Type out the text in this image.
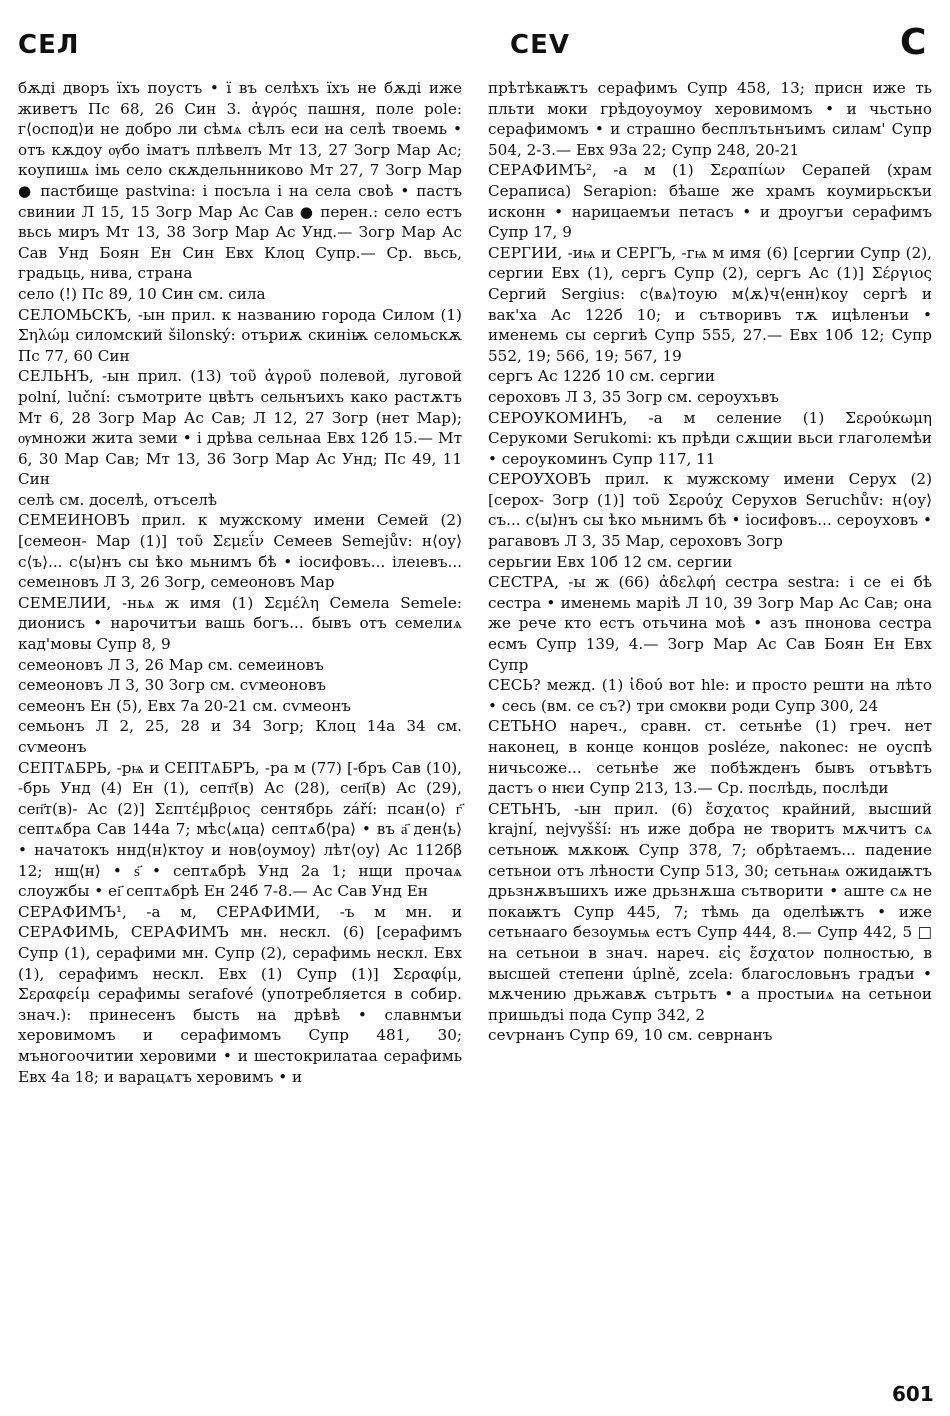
СЕЛ	СЕV	С

бѫдi дворъ їхъ поустъ • ї въ селѣхъ їхъ не бѫдi иже живетъ Пс 68, 26 Син 3. ἀγρός пашня, поле pole: г⟨оспод⟩и не добро ли сѣмѧ сѣлъ еси на селѣ твоемь • отъ кѫдоу ѹбо iматъ плѣвелъ Мт 13, 27 Зогр Мар Ас; коупишѧ iмь село скѫдельнниково Мт 27, 7 Зогр Мар ● пастбище pastvina: i посъла i на села своѣ • пастъ свинии Л 15, 15 Зогр Мар Ас Сав ● перен.: село естъ вьсь миръ Мт 13, 38 Зогр Мар Ас Унд.— Зогр Мар Ас Сав Унд Боян Ен Син Евх Клоц Супр.— Ср. вьсь, градьць, нива, страна

село (!) Пс 89, 10 Син см. сила

СЕЛОМЬСКЪ, -ын прил. к названию города Силом (1) Σηλώμ силомский šilonský: отъриѫ скинiѭ селомьскѫ Пс 77, 60 Син

СЕЛЬНЪ, -ын прил. (13) τοῦ ἀγροῦ полевой, луговой polní, luční: съмотрите цвѣтъ сельнъихъ како растѫтъ Мт 6, 28 Зогр Мар Ас Сав; Л 12, 27 Зогр (нет Мар); ѹмножи жита земи • i дрѣва сельнаа Евх 12б 15.— Мт 6, 30 Мар Сав; Мт 13, 36 Зогр Мар Ас Унд; Пс 49, 11 Син

селѣ см. доселѣ, отъселѣ

СЕМЕИНОВЪ прил. к мужскому имени Семей (2) [семеон- Мар (1)] τοῦ Σεμεΐν Семеев Semejův: н⟨оу⟩с⟨ъ⟩... с⟨ы⟩нъ сы ѣко мьнимъ бѣ • iосифовъ... iлеıевъ... семеıновъ Л 3, 26 Зогр, семеоновъ Мар

СЕМЕЛИИ, -ньѧ ж имя (1) Σεμέλη Семела Semele: дионисъ • нарочитъи вашь богъ... бывъ отъ семелиѧ кад'мовы Супр 8, 9

семеоновъ Л 3, 26 Мар см. семеиновъ

семеоновъ Л 3, 30 Зогр см. сѵмеоновъ

семеонъ Ен (5), Евх 7а 20-21 см. сѵмеонъ

семьонъ Л 2, 25, 28 и 34 Зогр; Клоц 14а 34 см. сѵмеонъ

СЕПТѦБРЬ, -рѩ и СЕПТѦБРЪ, -ра м (77) [-бръ Сав (10), -брь Унд (4) Ен (1), септ҃(в) Ас (28), сеп҃(в) Ас (29), сеп҃т(в)- Ас (2)] Σεπτέμβριος сентябрь září: псан⟨о⟩ г҃ септѧбра Сав 144а 7; мѣс⟨ѧца⟩ септѧб⟨ра⟩ • въ а҃ ден⟨ь⟩ • начатокъ ннд⟨н⟩ктоу и нов⟨оумоу⟩ лѣт⟨оу⟩ Ас 112бβ 12; нщ⟨н⟩ • ѕ҃ • септѧбрѣ Унд 2а 1; нщи прочаѧ слоужбы • еі҃ септѧбрѣ Ен 24б 7-8.— Ас Сав Унд Ен

СЕРАФИМЪ¹, -а м, СЕРАФИМИ, -ъ м мн. и СЕРАФИМЬ, СЕРАФИМЪ мн. нескл. (6) [серафимъ Супр (1), серафими мн. Супр (2), серафимь нескл. Евх (1), серафимъ нескл. Евх (1) Супр (1)] Σεραφίμ, Σεραφείμ серафимы serafové (употребляется в собир. знач.): принесенъ бысть на дрѣвѣ • славнмъи херовимомъ и серафимомъ Супр 481, 30; мъногоочитии херовими • и шестокрилатаа серафимь Евх 4а 18; и варацѧтъ херовимъ • и

прѣтѣкаѭтъ серафимъ Супр 458, 13; присн иже ть пльти моки грѣдоуоумоу херовимомъ • и чьстьно серафимомъ • и страшно бесплътьнъимъ силам' Супр 504, 2-3.— Евх 93а 22; Супр 248, 20-21

СЕРАФИМЪ², -а м (1) Σεραπίων Серапей (храм Сераписа) Serapion: бѣаше же храмъ коумирьскъи исконн • нарицаемъи петасъ • и дроугъи серафимъ Супр 17, 9

СЕРГИИ, -иѩ и СЕРГЪ, -гѩ м имя (6) [сергии Супр (2), сергии Евх (1), сергъ Супр (2), сергъ Ас (1)] Σέργιος Сергий Sergius: с⟨вѧ⟩тоую м⟨ѫ⟩ч⟨енн⟩коу сергѣ и вак'ха Ас 122б 10; и сътворивъ тѫ ицѣленъи • именемь сы сергиѣ Супр 555, 27.— Евх 10б 12; Супр 552, 19; 566, 19; 567, 19

сергъ Ас 122б 10 см. сергии

сероховъ Л 3, 35 Зогр см. сероухъвъ

СЕРОУКОМИНЪ, -а м селение (1) Σερούκωμη Серукоми Serukomi: къ прѣди сѫщии вьси глаголемѣи • сероукоминъ Супр 117, 11

СЕРОУХОВЪ прил. к мужскому имени Серух (2) [серох- Зогр (1)] τοῦ Σερούχ Серухов Seruchův: н⟨оу⟩съ... с⟨ы⟩нъ сы ѣко мьнимъ бѣ • iосифовъ... сероуховъ • рагавовъ Л 3, 35 Мар, сероховъ Зогр

серьгии Евх 10б 12 см. сергии

СЕСТРА, -ы ж (66) ἀδελφή сестра sestra: i се еi бѣ сестра • именемь марiѣ Л 10, 39 Зогр Мар Ас Сав; она же рече кто естъ отьчина моѣ • азъ пнонова сестра есмъ Супр 139, 4.— Зогр Мар Ас Сав Боян Ен Евх Супр

СЕСЬ? межд. (1) ἰδού вот hle: и просто решти на лѣто • сесь (вм. се съ?) три смокви роди Супр 300, 24

СЕТЬНО нареч., сравн. ст. сетьнѣе (1) греч. нет наконец, в конце концов posléze, nakonec: не оуспѣ ничьсоже... сетьнѣе же побѣжденъ бывъ отъвѣтъ дастъ о нѥи Супр 213, 13.— Ср. послѣдь, послѣди

СЕТЬНЪ, -ын прил. (6) ἔσχατος крайний, высший krajní, nejvyšší: нъ иже добра не творитъ мѫчитъ сѧ сетьноѭ мѫкоѭ Супр 378, 7; обрѣтаемъ... падение сетьнои отъ лѣности Супр 513, 30; сетьнаѩ ожидаѭтъ дрьзнѫвъшихъ иже дрьзнѫша сътворити • аште сѧ не покаѭтъ Супр 445, 7; тѣмь да оделѣѭтъ • иже сетьнааго безоумьѩ естъ Супр 444, 8.— Супр 442, 5 □ на сетьнои в знач. нареч. εἰς ἔσχατον полностью, в высшей степени úplně, zcela: благословьнъ градъи • мѫчению дрьжавѫ сътрьтъ • а простыиѧ на сетьнои пришьдъі пода Супр 342, 2

сеѵрнанъ Супр 69, 10 см. севрнанъ

601
